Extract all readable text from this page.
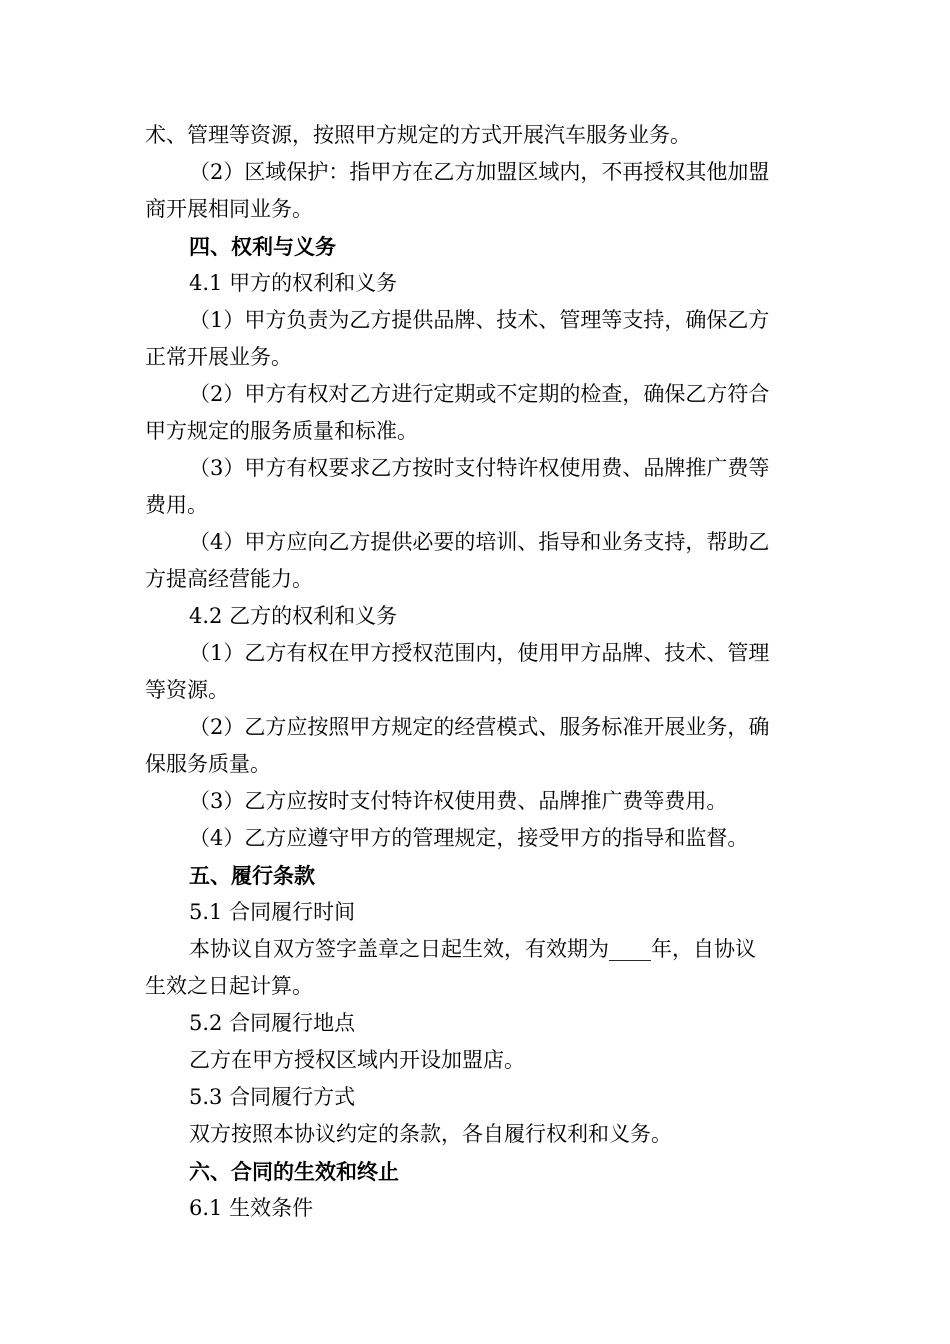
术、管理等资源，按照甲方规定的方式开展汽车服务业务。
（2）区域保护：指甲方在乙方加盟区域内，不再授权其他加盟
商开展相同业务。
四、权利与义务
4.1 甲方的权利和义务
（1）甲方负责为乙方提供品牌、技术、管理等支持，确保乙方
正常开展业务。
（2）甲方有权对乙方进行定期或不定期的检查，确保乙方符合
甲方规定的服务质量和标准。
（3）甲方有权要求乙方按时支付特许权使用费、品牌推广费等
费用。
（4）甲方应向乙方提供必要的培训、指导和业务支持，帮助乙
方提高经营能力。
4.2 乙方的权利和义务
（1）乙方有权在甲方授权范围内，使用甲方品牌、技术、管理
等资源。
（2）乙方应按照甲方规定的经营模式、服务标准开展业务，确
保服务质量。
（3）乙方应按时支付特许权使用费、品牌推广费等费用。
（4）乙方应遵守甲方的管理规定，接受甲方的指导和监督。
五、履行条款
5.1 合同履行时间
本协议自双方签字盖章之日起生效，有效期为____年，自协议
生效之日起计算。
5.2 合同履行地点
乙方在甲方授权区域内开设加盟店。
5.3 合同履行方式
双方按照本协议约定的条款，各自履行权利和义务。
六、合同的生效和终止
6.1 生效条件
